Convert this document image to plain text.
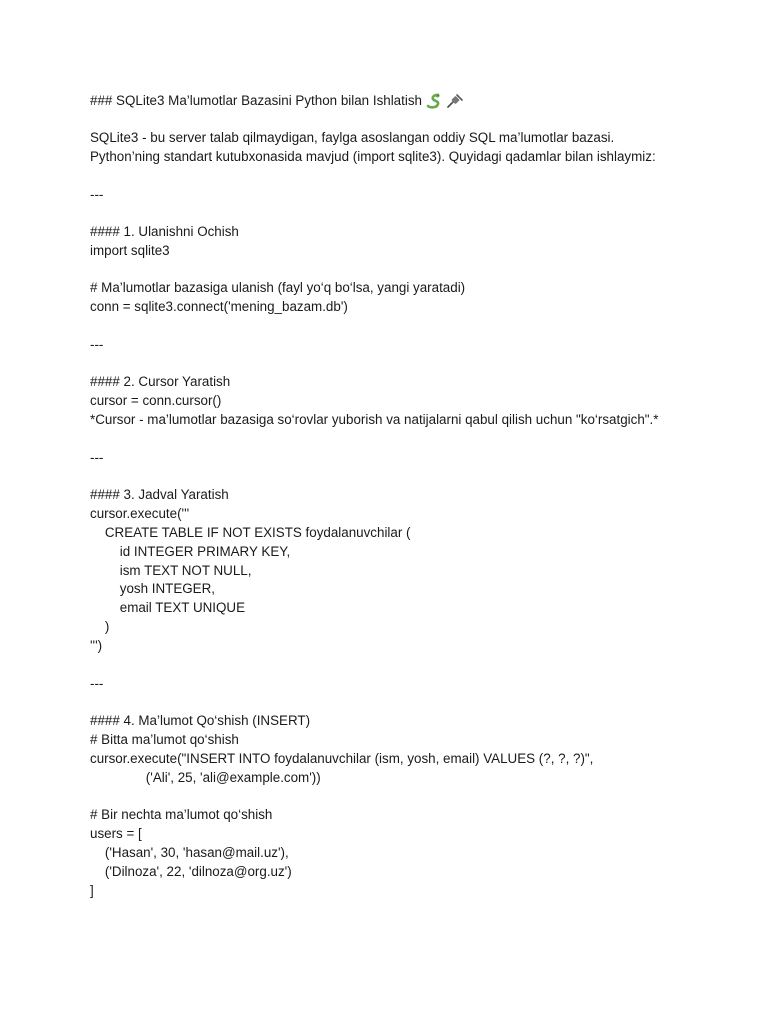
### SQLite3 Ma’lumotlar Bazasini Python bilan Ishlatish

SQLite3 - bu server talab qilmaydigan, faylga asoslangan oddiy SQL ma’lumotlar bazasi.

Python’ning standart kutubxonasida mavjud (import sqlite3). Quyidagi qadamlar bilan ishlaymiz:

---

#### 1. Ulanishni Ochish

import sqlite3

# Ma’lumotlar bazasiga ulanish (fayl yo‘q bo‘lsa, yangi yaratadi)

conn = sqlite3.connect('mening_bazam.db')

---

#### 2. Cursor Yaratish

cursor = conn.cursor()

*Cursor - ma’lumotlar bazasiga so‘rovlar yuborish va natijalarni qabul qilish uchun "ko‘rsatgich".*

---

#### 3. Jadval Yaratish

cursor.execute('''

CREATE TABLE IF NOT EXISTS foydalanuvchilar (

id INTEGER PRIMARY KEY,

ism TEXT NOT NULL,

yosh INTEGER,

email TEXT UNIQUE

)

''')

---

#### 4. Ma’lumot Qo‘shish (INSERT)

# Bitta ma’lumot qo‘shish

cursor.execute("INSERT INTO foydalanuvchilar (ism, yosh, email) VALUES (?, ?, ?)",

('Ali', 25, 'ali@example.com'))

# Bir nechta ma’lumot qo‘shish

users = [

('Hasan', 30, 'hasan@mail.uz'),

('Dilnoza', 22, 'dilnoza@org.uz')

]
